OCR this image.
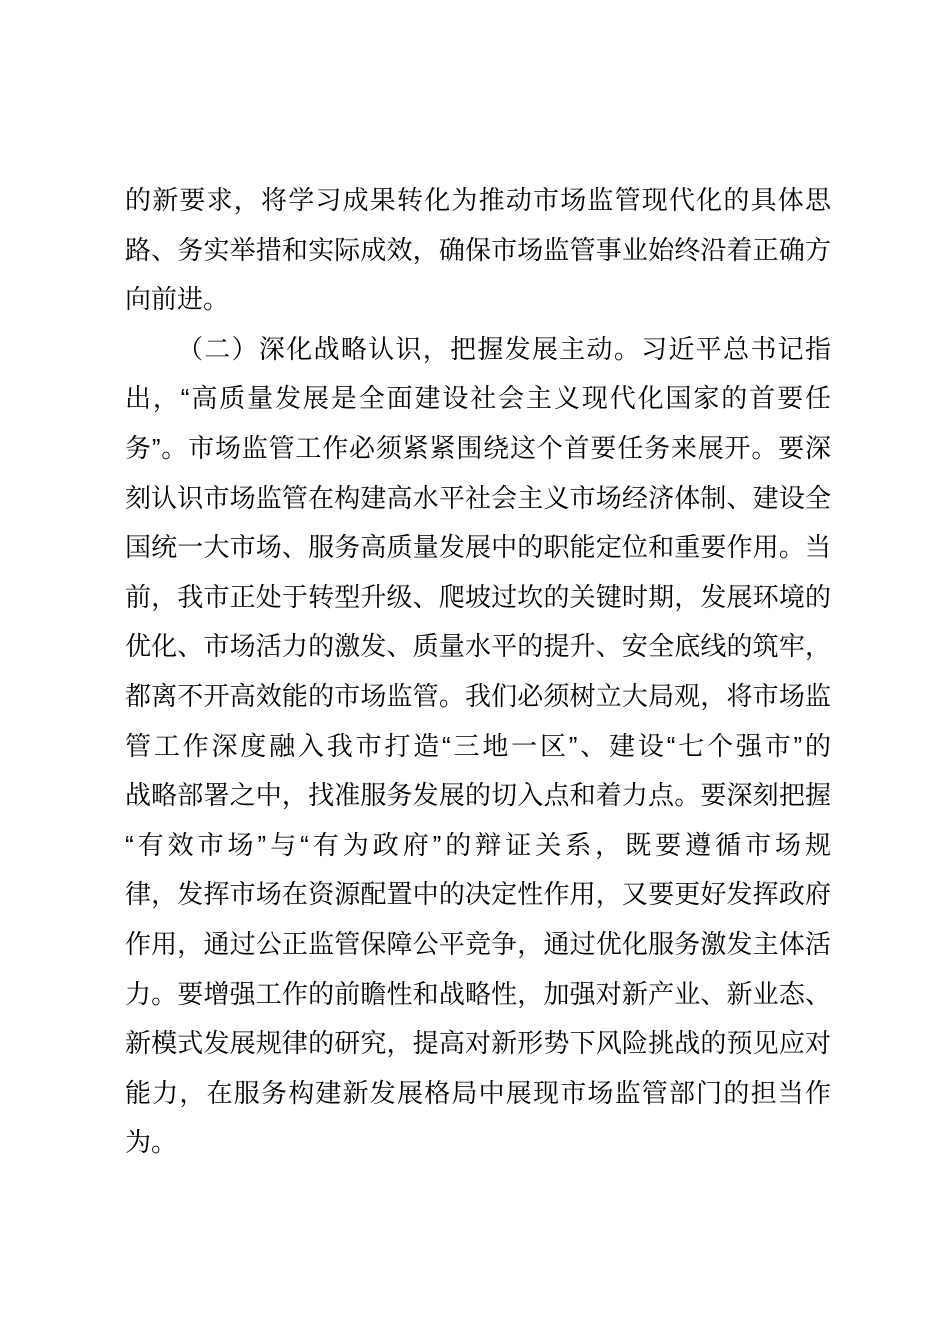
的新要求，将学习成果转化为推动市场监管现代化的具体思
路、务实举措和实际成效，确保市场监管事业始终沿着正确方
向前进。
（二）深化战略认识，把握发展主动。习近平总书记指
出，“高质量发展是全面建设社会主义现代化国家的首要任
务”。市场监管工作必须紧紧围绕这个首要任务来展开。要深
刻认识市场监管在构建高水平社会主义市场经济体制、建设全
国统一大市场、服务高质量发展中的职能定位和重要作用。当
前，我市正处于转型升级、爬坡过坎的关键时期，发展环境的
优化、市场活力的激发、质量水平的提升、安全底线的筑牢，
都离不开高效能的市场监管。我们必须树立大局观，将市场监
管工作深度融入我市打造“三地一区”、建设“七个强市”的
战略部署之中，找准服务发展的切入点和着力点。要深刻把握
“有效市场”与“有为政府”的辩证关系，既要遵循市场规
律，发挥市场在资源配置中的决定性作用，又要更好发挥政府
作用，通过公正监管保障公平竞争，通过优化服务激发主体活
力。要增强工作的前瞻性和战略性，加强对新产业、新业态、
新模式发展规律的研究，提高对新形势下风险挑战的预见应对
能力，在服务构建新发展格局中展现市场监管部门的担当作
为。
